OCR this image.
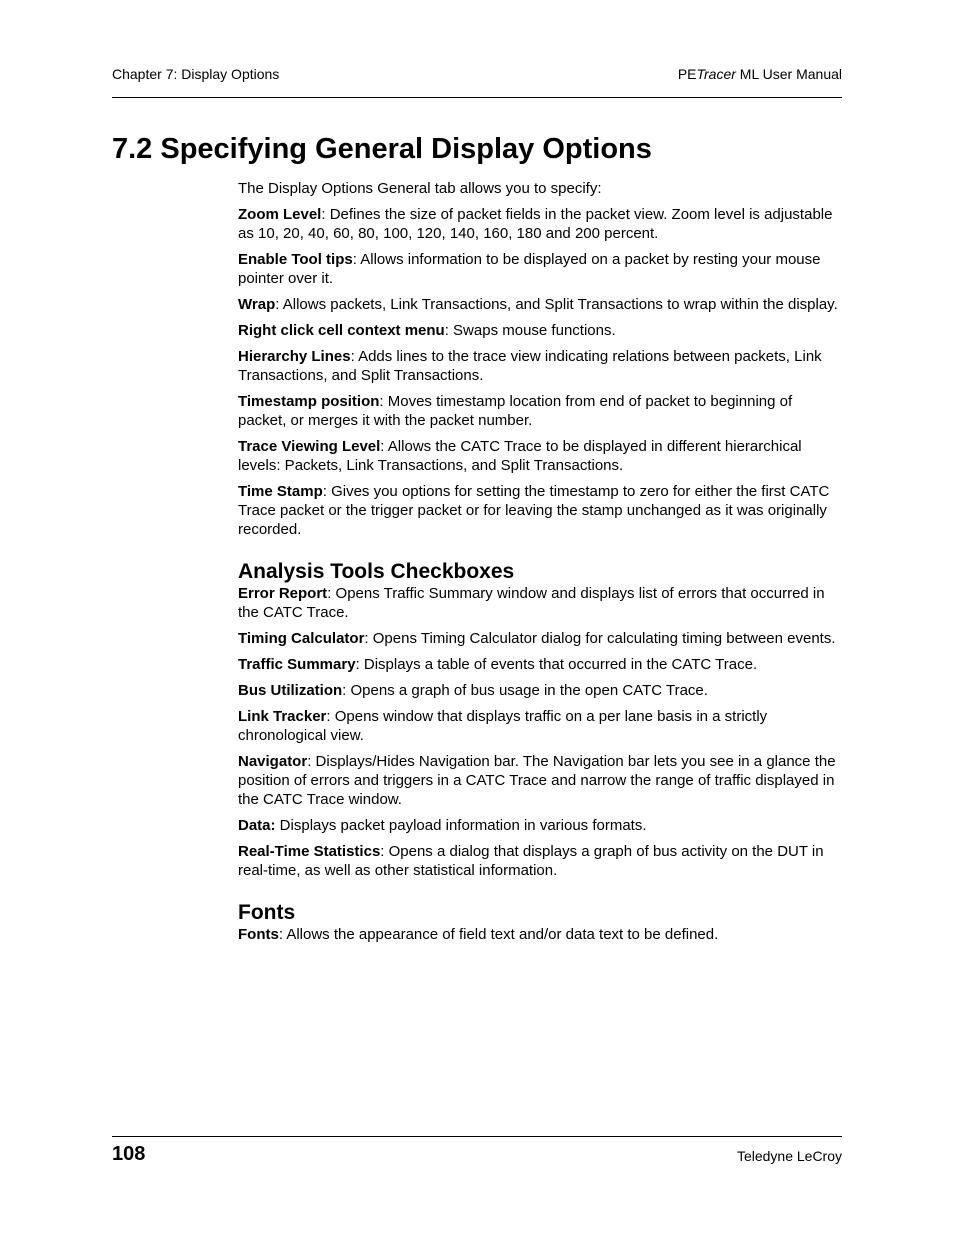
Chapter 7: Display Options	PETracer ML User Manual
7.2 Specifying General Display Options

The Display Options General tab allows you to specify:

Zoom Level: Defines the size of packet fields in the packet view. Zoom level is adjustable as 10, 20, 40, 60, 80, 100, 120, 140, 160, 180 and 200 percent.

Enable Tool tips: Allows information to be displayed on a packet by resting your mouse pointer over it.

Wrap: Allows packets, Link Transactions, and Split Transactions to wrap within the display.

Right click cell context menu: Swaps mouse functions.

Hierarchy Lines: Adds lines to the trace view indicating relations between packets, Link Transactions, and Split Transactions.

Timestamp position: Moves timestamp location from end of packet to beginning of packet, or merges it with the packet number.

Trace Viewing Level: Allows the CATC Trace to be displayed in different hierarchical levels: Packets, Link Transactions, and Split Transactions.

Time Stamp: Gives you options for setting the timestamp to zero for either the first CATC Trace packet or the trigger packet or for leaving the stamp unchanged as it was originally recorded.

Analysis Tools Checkboxes

Error Report: Opens Traffic Summary window and displays list of errors that occurred in the CATC Trace.

Timing Calculator: Opens Timing Calculator dialog for calculating timing between events.

Traffic Summary: Displays a table of events that occurred in the CATC Trace.

Bus Utilization: Opens a graph of bus usage in the open CATC Trace.

Link Tracker: Opens window that displays traffic on a per lane basis in a strictly chronological view.

Navigator: Displays/Hides Navigation bar. The Navigation bar lets you see in a glance the position of errors and triggers in a CATC Trace and narrow the range of traffic displayed in the CATC Trace window.

Data: Displays packet payload information in various formats.

Real-Time Statistics: Opens a dialog that displays a graph of bus activity on the DUT in real-time, as well as other statistical information.

Fonts

Fonts: Allows the appearance of field text and/or data text to be defined.

108	Teledyne LeCroy
